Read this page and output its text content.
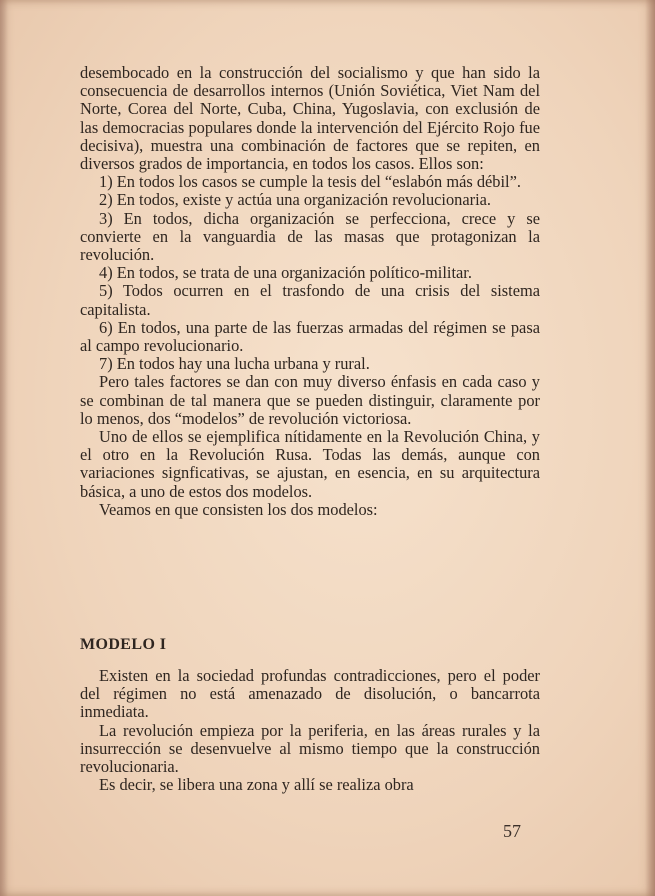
desembocado en la construcción del socialismo y que han sido la consecuencia de desarrollos internos (Unión Soviética, Viet Nam del Norte, Corea del Norte, Cuba, China, Yugoslavia, con exclusión de las democracias populares donde la intervención del Ejército Rojo fue decisiva), muestra una combinación de factores que se repiten, en diversos grados de importancia, en todos los casos. Ellos son:

1) En todos los casos se cumple la tesis del “eslabón más débil”.

2) En todos, existe y actúa una organización revolucionaria.

3) En todos, dicha organización se perfecciona, crece y se convierte en la vanguardia de las masas que protagonizan la revolución.

4) En todos, se trata de una organización político-militar.

5) Todos ocurren en el trasfondo de una crisis del sistema capitalista.

6) En todos, una parte de las fuerzas armadas del régimen se pasa al campo revolucionario.

7) En todos hay una lucha urbana y rural.

Pero tales factores se dan con muy diverso énfasis en cada caso y se combinan de tal manera que se pueden distinguir, claramente por lo menos, dos “modelos” de revolución victoriosa.

Uno de ellos se ejemplifica nítidamente en la Revolución China, y el otro en la Revolución Rusa. Todas las demás, aunque con variaciones signficativas, se ajustan, en esencia, en su arquitectura básica, a uno de estos dos modelos.

Veamos en que consisten los dos modelos:

MODELO I

Existen en la sociedad profundas contradicciones, pero el poder del régimen no está amenazado de disolución, o bancarrota inmediata.

La revolución empieza por la periferia, en las áreas rurales y la insurrección se desenvuelve al mismo tiempo que la construcción revolucionaria.

Es decir, se libera una zona y allí se realiza obra

57
